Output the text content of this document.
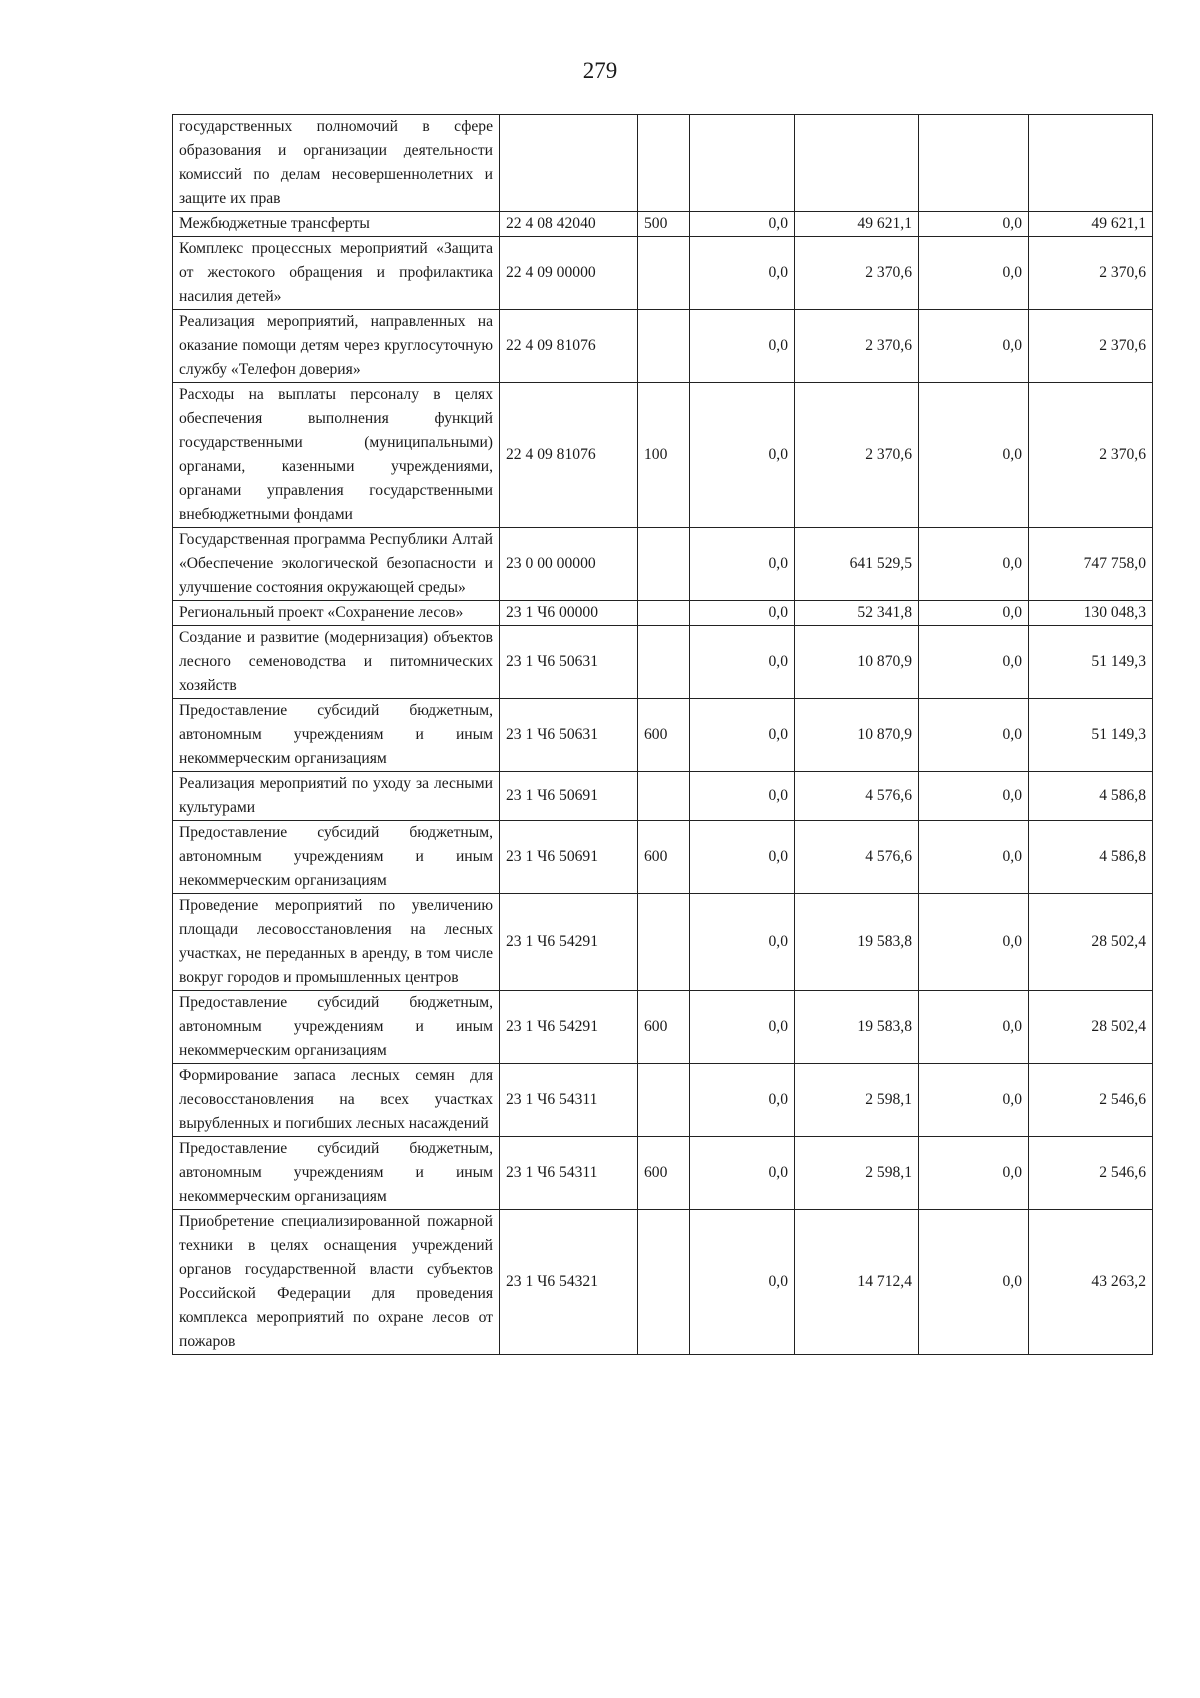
279
государственных полномочий в сфере образования и организации деятельности комиссий по делам несовершеннолетних и защите их прав						
Межбюджетные трансферты	22 4 08 42040	500	0,0	49 621,1	0,0	49 621,1
Комплекс процессных мероприятий «Защита от жестокого обращения и профилактика насилия детей»	22 4 09 00000		0,0	2 370,6	0,0	2 370,6
Реализация мероприятий, направленных на оказание помощи детям через круглосуточную службу «Телефон доверия»	22 4 09 81076		0,0	2 370,6	0,0	2 370,6
Расходы на выплаты персоналу в целях обеспечения выполнения функций государственными (муниципальными) органами, казенными учреждениями, органами управления государственными внебюджетными фондами	22 4 09 81076	100	0,0	2 370,6	0,0	2 370,6
Государственная программа Республики Алтай «Обеспечение экологической безопасности и улучшение состояния окружающей среды»	23 0 00 00000		0,0	641 529,5	0,0	747 758,0
Региональный проект «Сохранение лесов»	23 1 Ч6 00000		0,0	52 341,8	0,0	130 048,3
Создание и развитие (модернизация) объектов лесного семеноводства и питомнических хозяйств	23 1 Ч6 50631		0,0	10 870,9	0,0	51 149,3
Предоставление субсидий бюджетным, автономным учреждениям и иным некоммерческим организациям	23 1 Ч6 50631	600	0,0	10 870,9	0,0	51 149,3
Реализация мероприятий по уходу за лесными культурами	23 1 Ч6 50691		0,0	4 576,6	0,0	4 586,8
Предоставление субсидий бюджетным, автономным учреждениям и иным некоммерческим организациям	23 1 Ч6 50691	600	0,0	4 576,6	0,0	4 586,8
Проведение мероприятий по увеличению площади лесовосстановления на лесных участках, не переданных в аренду, в том числе вокруг городов и промышленных центров	23 1 Ч6 54291		0,0	19 583,8	0,0	28 502,4
Предоставление субсидий бюджетным, автономным учреждениям и иным некоммерческим организациям	23 1 Ч6 54291	600	0,0	19 583,8	0,0	28 502,4
Формирование запаса лесных семян для лесовосстановления на всех участках вырубленных и погибших лесных насаждений	23 1 Ч6 54311		0,0	2 598,1	0,0	2 546,6
Предоставление субсидий бюджетным, автономным учреждениям и иным некоммерческим организациям	23 1 Ч6 54311	600	0,0	2 598,1	0,0	2 546,6
Приобретение специализированной пожарной техники в целях оснащения учреждений органов государственной власти субъектов Российской Федерации для проведения комплекса мероприятий по охране лесов от пожаров	23 1 Ч6 54321		0,0	14 712,4	0,0	43 263,2
